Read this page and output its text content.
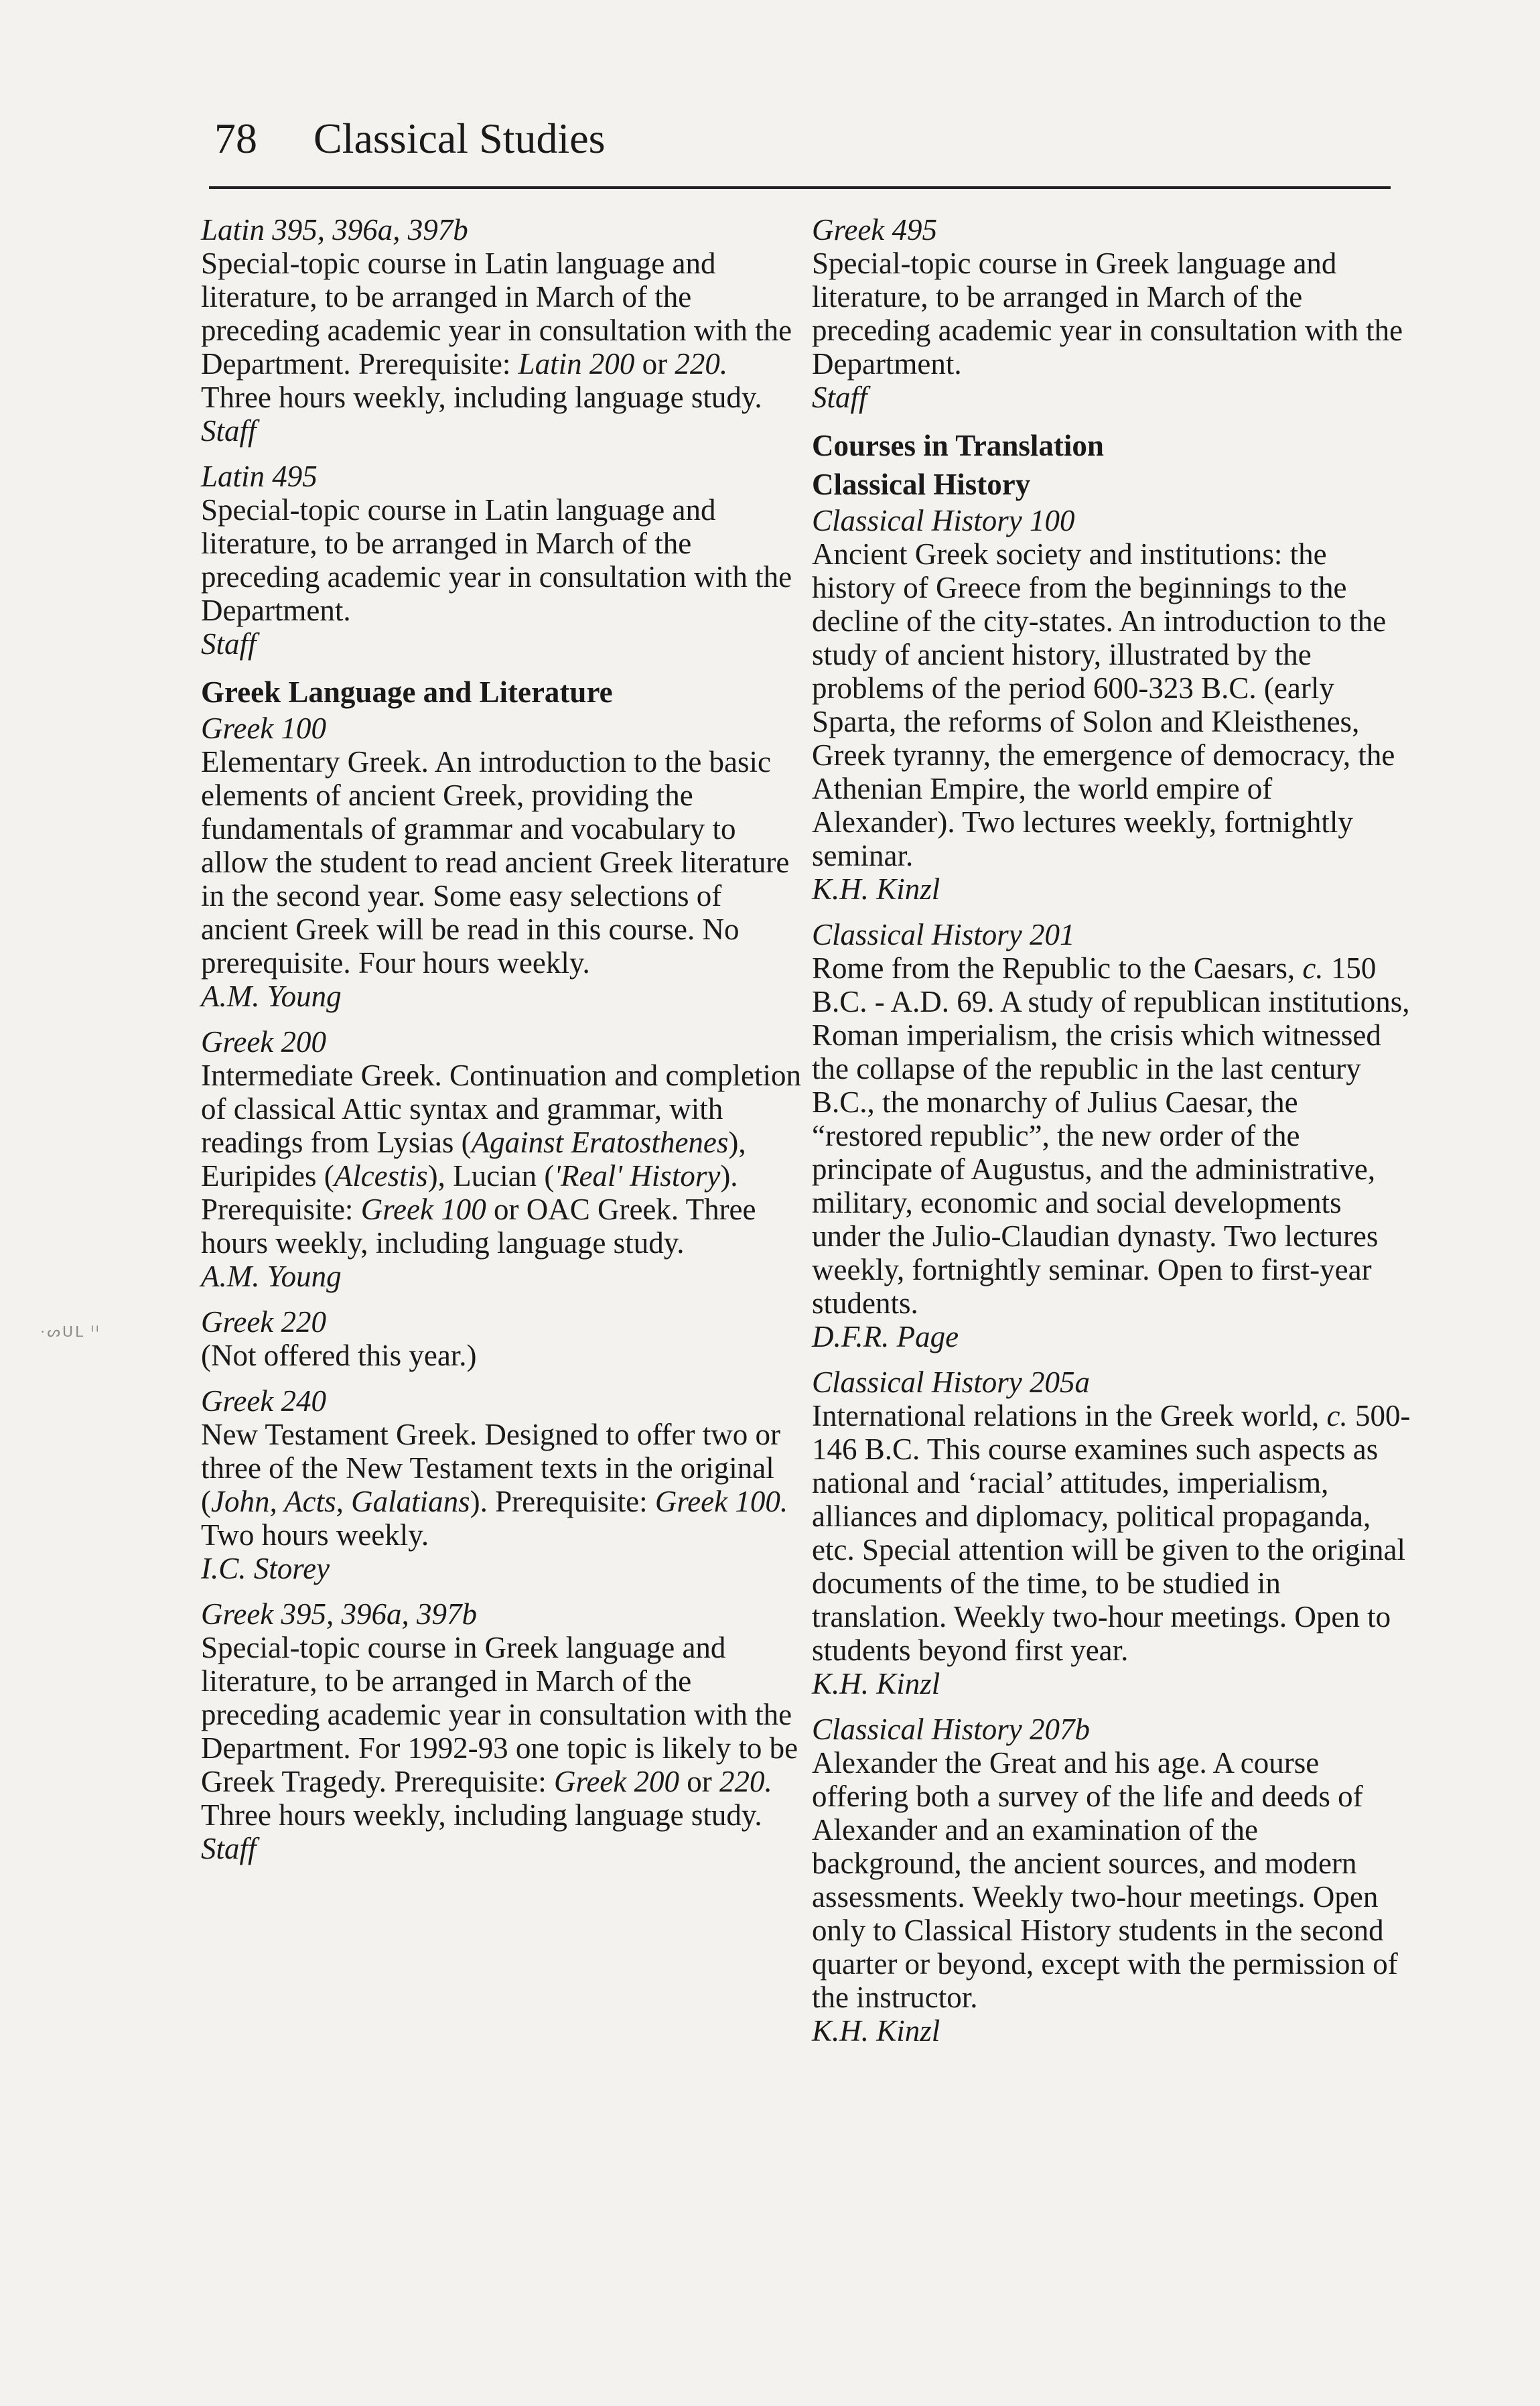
78 Classical Studies
·ᔕᑌᒪ ᑊᑊ
Latin 395, 396a, 397b
Special-topic course in Latin language and literature, to be arranged in March of the preceding academic year in consultation with the Department. Prerequisite: Latin 200 or 220. Three hours weekly, including language study.
Staff
Latin 495
Special-topic course in Latin language and literature, to be arranged in March of the preceding academic year in consultation with the Department.
Staff
Greek Language and Literature
Greek 100
Elementary Greek. An introduction to the basic elements of ancient Greek, providing the fundamentals of grammar and vocabulary to allow the student to read ancient Greek literature in the second year. Some easy selections of ancient Greek will be read in this course. No prerequisite. Four hours weekly.
A.M. Young
Greek 200
Intermediate Greek. Continuation and completion of classical Attic syntax and grammar, with readings from Lysias (Against Eratosthenes), Euripides (Alcestis), Lucian ('Real' History). Prerequisite: Greek 100 or OAC Greek. Three hours weekly, including language study.
A.M. Young
Greek 220
(Not offered this year.)
Greek 240
New Testament Greek. Designed to offer two or three of the New Testament texts in the original (John, Acts, Galatians). Prerequisite: Greek 100. Two hours weekly.
I.C. Storey
Greek 395, 396a, 397b
Special-topic course in Greek language and literature, to be arranged in March of the preceding academic year in consultation with the Department. For 1992-93 one topic is likely to be Greek Tragedy. Prerequisite: Greek 200 or 220. Three hours weekly, including language study.
Staff
Greek 495
Special-topic course in Greek language and literature, to be arranged in March of the preceding academic year in consultation with the Department.
Staff
Courses in Translation
Classical History
Classical History 100
Ancient Greek society and institutions: the history of Greece from the beginnings to the decline of the city-states. An introduction to the study of ancient history, illustrated by the problems of the period 600-323 B.C. (early Sparta, the reforms of Solon and Kleisthenes, Greek tyranny, the emergence of democracy, the Athenian Empire, the world empire of Alexander). Two lectures weekly, fortnightly seminar.
K.H. Kinzl
Classical History 201
Rome from the Republic to the Caesars, c. 150 B.C. - A.D. 69. A study of republican institutions, Roman imperialism, the crisis which witnessed the collapse of the republic in the last century B.C., the monarchy of Julius Caesar, the “restored republic”, the new order of the principate of Augustus, and the administrative, military, economic and social developments under the Julio-Claudian dynasty. Two lectures weekly, fortnightly seminar. Open to first-year students.
D.F.R. Page
Classical History 205a
International relations in the Greek world, c. 500-146 B.C. This course examines such aspects as national and ‘racial’ attitudes, imperialism, alliances and diplomacy, political propaganda, etc. Special attention will be given to the original documents of the time, to be studied in translation. Weekly two-hour meetings. Open to students beyond first year.
K.H. Kinzl
Classical History 207b
Alexander the Great and his age. A course offering both a survey of the life and deeds of Alexander and an examination of the background, the ancient sources, and modern assessments. Weekly two-hour meetings. Open only to Classical History students in the second quarter or beyond, except with the permission of the instructor.
K.H. Kinzl
